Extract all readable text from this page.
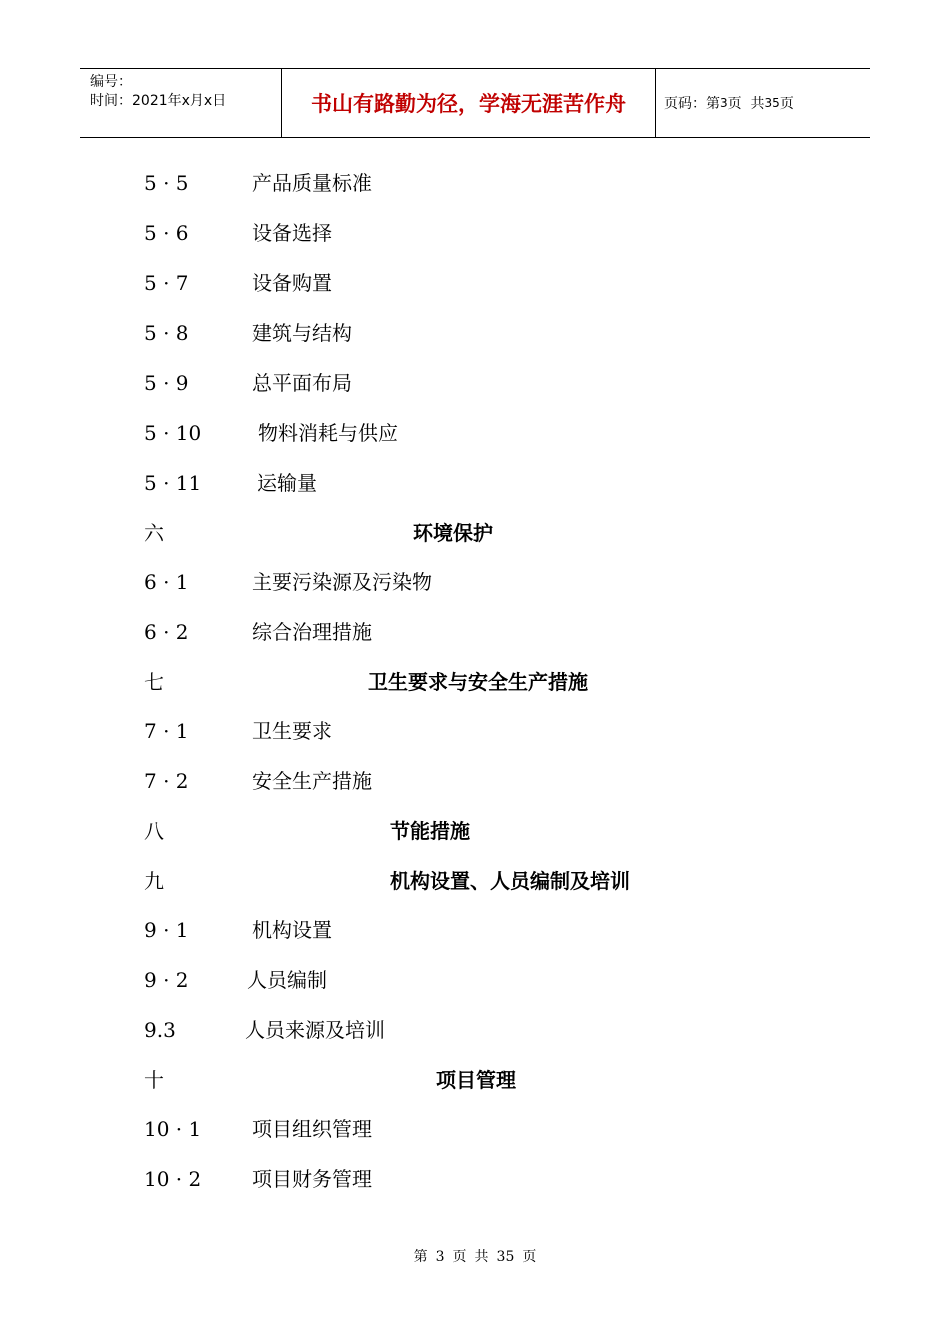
编号：
时间：2021年x月x日	书山有路勤为径，学海无涯苦作舟	页码：第 3 页  共 35 页
5 · 5	产品质量标准
5 · 6	设备选择
5 · 7	设备购置
5 · 8	建筑与结构
5 · 9	总平面布局
5 · 10	物料消耗与供应
5 · 11	运输量
六	环境保护
6 · 1	主要污染源及污染物
6 · 2	综合治理措施
七	卫生要求与安全生产措施
7 · 1	卫生要求
7 · 2	安全生产措施
八	节能措施
九	机构设置、人员编制及培训
9 · 1	机构设置
9 · 2	人员编制
9.3	人员来源及培训
十	项目管理
10 · 1	项目组织管理
10 · 2	项目财务管理
第 3 页 共 35 页
